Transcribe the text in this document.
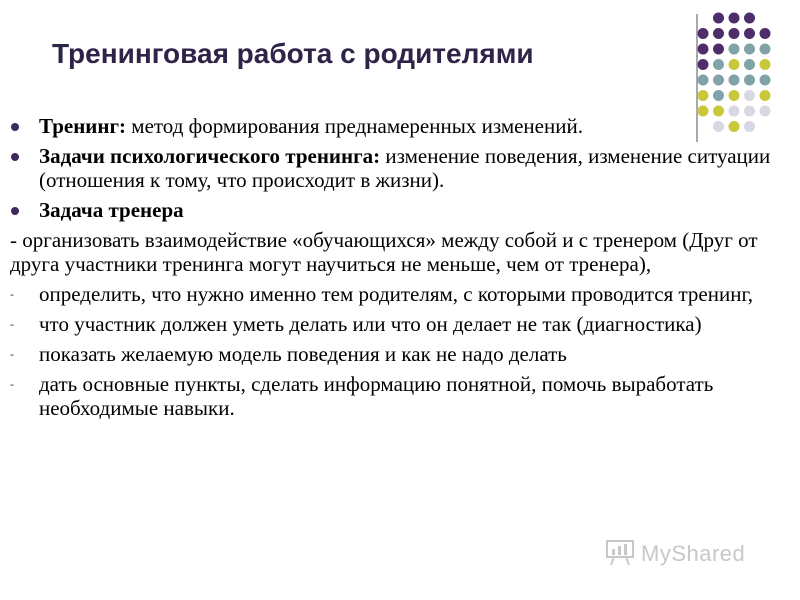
Тренинговая работа с родителями
Тренинг: метод формирования преднамеренных изменений.
Задачи психологического тренинга: изменение поведения, изменение ситуации (отношения к тому, что происходит в жизни).
Задача тренера
- организовать взаимодействие «обучающихся» между собой и с тренером (Друг от друга участники тренинга могут научиться не меньше, чем от тренера),
- определить, что нужно именно тем родителям, с которыми проводится тренинг,
- что участник должен уметь делать или что он делает не так (диагностика)
- показать желаемую модель поведения и как не надо делать
- дать основные пункты, сделать информацию понятной, помочь выработать необходимые навыки.
MyShared
